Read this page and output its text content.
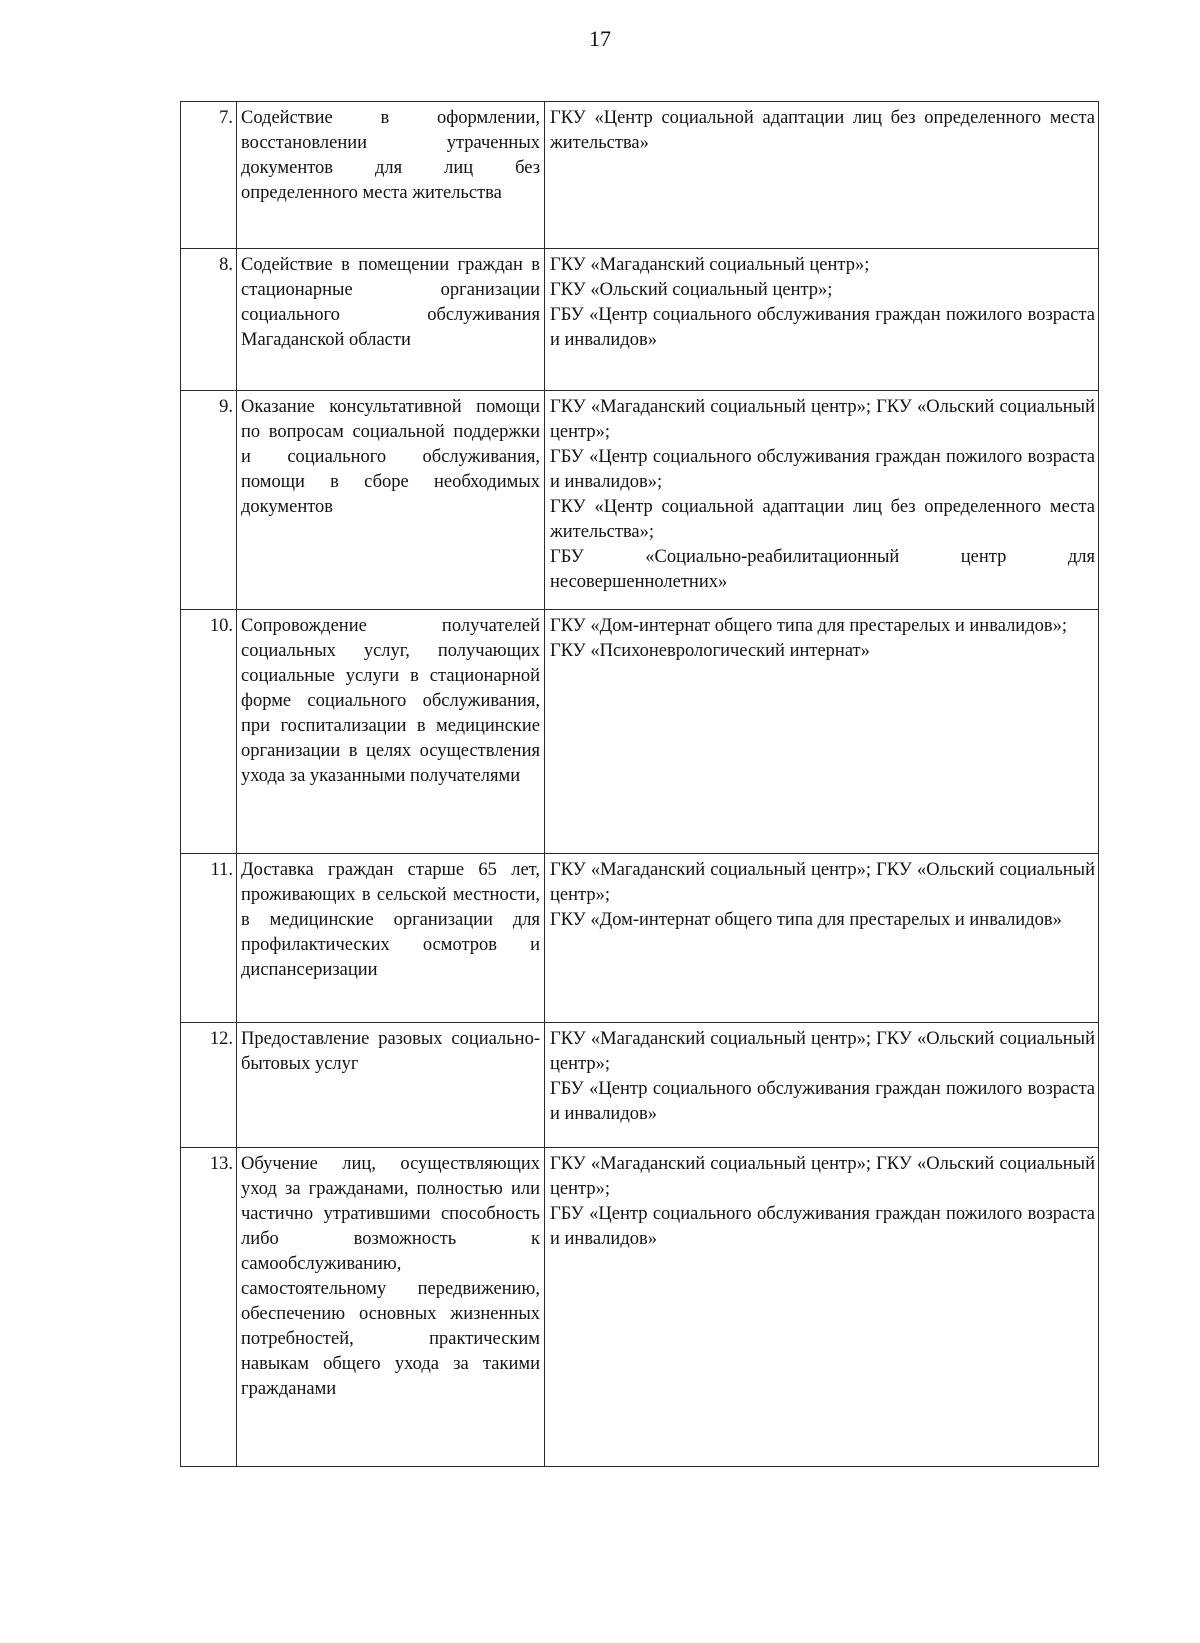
17
7.	Содействие в оформлении, восстановлении утраченных документов для лиц без определенного места жительства	ГКУ «Центр социальной адаптации лиц без определенного места жительства»

8.	Содействие в помещении граждан в стационарные организации социального обслуживания Магаданской области	ГКУ «Магаданский социальный центр»;
ГКУ «Ольский социальный центр»;
ГБУ «Центр социального обслуживания граждан пожилого возраста и инвалидов»

9.	Оказание консультативной помощи по вопросам социальной поддержки и социального обслуживания, помощи в сборе необходимых документов	ГКУ «Магаданский социальный центр»; ГКУ «Ольский социальный центр»;
ГБУ «Центр социального обслуживания граждан пожилого возраста и инвалидов»;
ГКУ «Центр социальной адаптации лиц без определенного места жительства»;
ГБУ «Социально-реабилитационный центр для несовершеннолетних»

10.	Сопровождение получателей социальных услуг, получающих социальные услуги в стационарной форме социального обслуживания, при госпитализации в медицинские организации в целях осуществления ухода за указанными получателями	ГКУ «Дом-интернат общего типа для престарелых и инвалидов»;
ГКУ «Психоневрологический интернат»

11.	Доставка граждан старше 65 лет, проживающих в сельской местности, в медицинские организации для профилактических осмотров и диспансеризации	ГКУ «Магаданский социальный центр»; ГКУ «Ольский социальный центр»;
ГКУ «Дом-интернат общего типа для престарелых и инвалидов»

12.	Предоставление разовых социально-бытовых услуг	ГКУ «Магаданский социальный центр»; ГКУ «Ольский социальный центр»;
ГБУ «Центр социального обслуживания граждан пожилого возраста и инвалидов»

13.	Обучение лиц, осуществляющих уход за гражданами, полностью или частично утратившими способность либо возможность к самообслуживанию, самостоятельному передвижению, обеспечению основных жизненных потребностей, практическим навыкам общего ухода за такими гражданами	ГКУ «Магаданский социальный центр»; ГКУ «Ольский социальный центр»;
ГБУ «Центр социального обслуживания граждан пожилого возраста и инвалидов»
